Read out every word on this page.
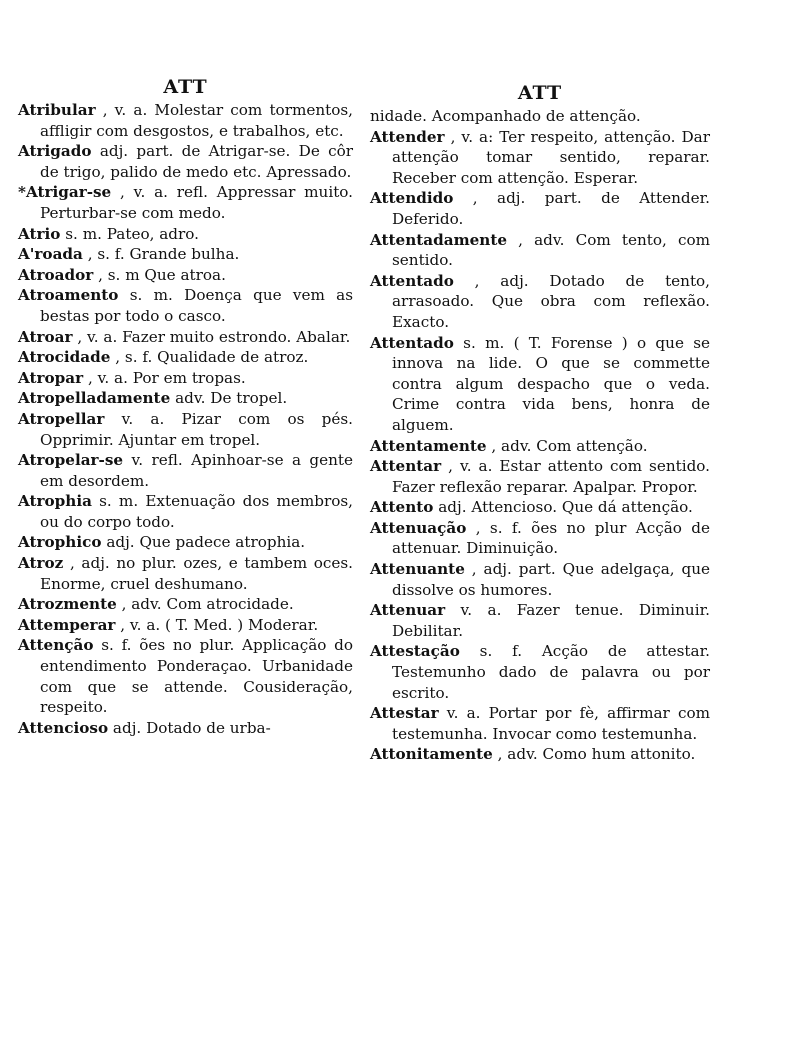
ATT

Atribular , v. a. Molestar com tormentos, affligir com desgostos, e trabalhos, etc.

Atrigado adj. part. de Atrigar-se. De côr de trigo, palido de medo etc. Apressado.

*Atrigar-se , v. a. refl. Appressar muito. Perturbar-se com medo.

Atrio s. m. Pateo, adro.

A'roada , s. f. Grande bulha.

Atroador , s. m Que atroa.

Atroamento s. m. Doença que vem as bestas por todo o casco.

Atroar , v. a. Fazer muito estrondo. Abalar.

Atrocidade , s. f. Qualidade de atroz.

Atropar , v. a. Por em tropas.

Atropelladamente adv. De tropel.

Atropellar v. a. Pizar com os pés. Opprimir. Ajuntar em tropel.

Atropelar-se v. refl. Apinhoar-se a gente em desordem.

Atrophia s. m. Extenuação dos membros, ou do corpo todo.

Atrophico adj. Que padece atrophia.

Atroz , adj. no plur. ozes, e tambem oces. Enorme, cruel deshumano.

Atrozmente , adv. Com atrocidade.

Attemperar , v. a. ( T. Med. ) Moderar.

Attenção s. f. ões no plur. Applicação do entendimento Ponderaçao. Urbanidade com que se attende. Cousideração, respeito.

Attencioso adj. Dotado de urba-

ATT

nidade. Acompanhado de attenção.

Attender , v. a: Ter respeito, attenção. Dar attenção tomar sentido, reparar. Receber com attenção. Esperar.

Attendido , adj. part. de Attender. Deferido.

Attentadamente , adv. Com tento, com sentido.

Attentado , adj. Dotado de tento, arrasoado. Que obra com reflexão. Exacto.

Attentado s. m. ( T. Forense ) o que se innova na lide. O que se commette contra algum despacho que o veda. Crime contra vida bens, honra de alguem.

Attentamente , adv. Com attenção.

Attentar , v. a. Estar attento com sentido. Fazer reflexão reparar. Apalpar. Propor.

Attento adj. Attencioso. Que dá attenção.

Attenuação , s. f. ões no plur Acção de attenuar. Diminuição.

Attenuante , adj. part. Que adelgaça, que dissolve os humores.

Attenuar v. a. Fazer tenue. Diminuir. Debilitar.

Attestação s. f. Acção de attestar. Testemunho dado de palavra ou por escrito.

Attestar v. a. Portar por fè, affirmar com testemunha. Invocar como testemunha.

Attonitamente , adv. Como hum attonito.
